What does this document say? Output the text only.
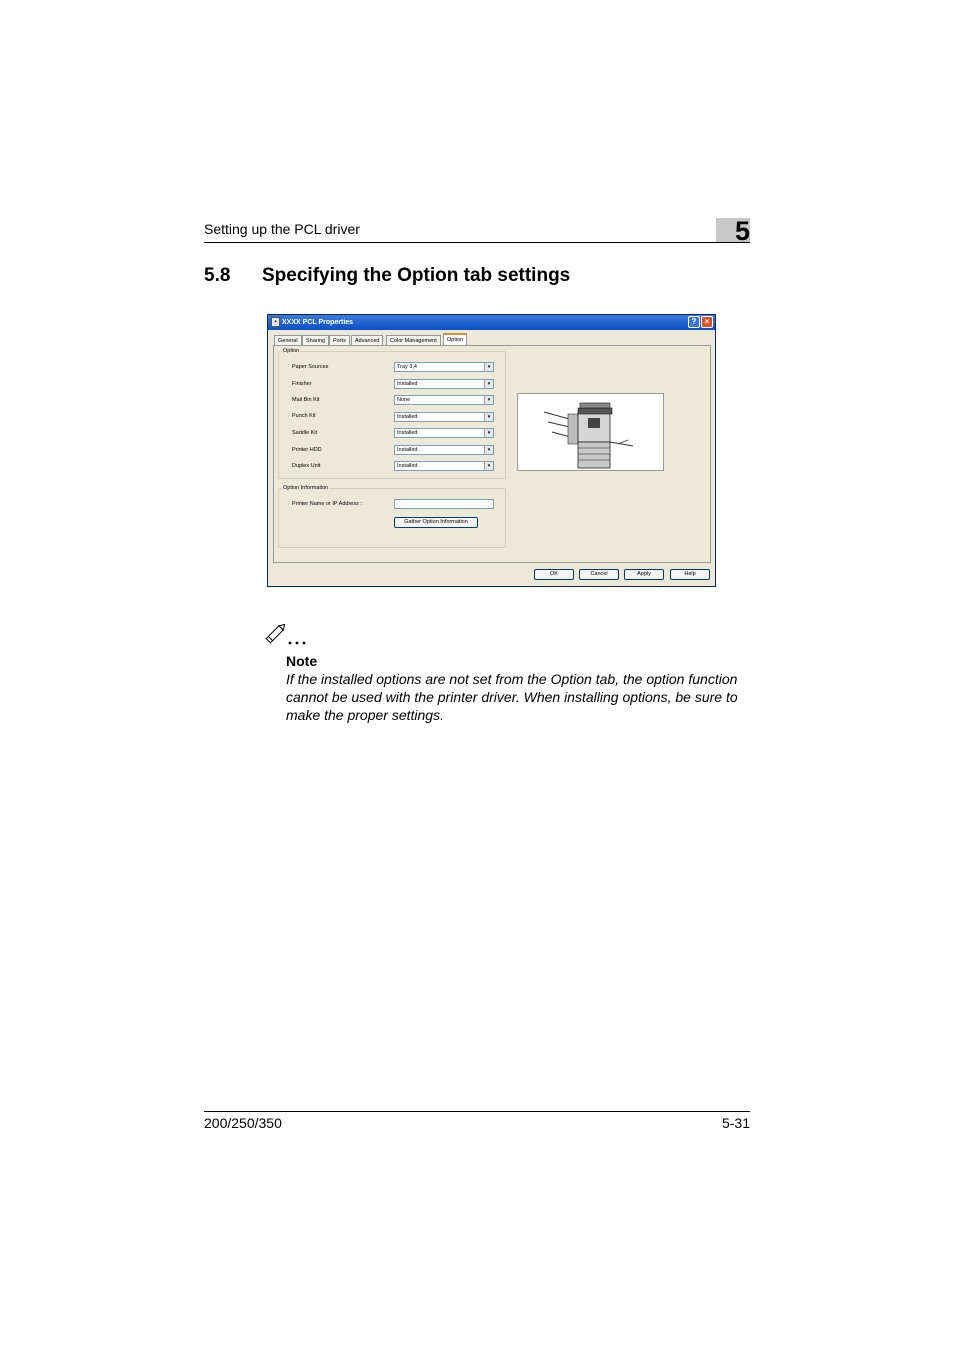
Setting up the PCL driver	5
5.8 Specifying the Option tab settings
▪ XXXX PCL Properties	?	×
General	Sharing	Ports	Advanced	Color Management	Option
Option
Paper Sources	Tray 3,4	▾
Finisher	Installed	▾
Mail Bin Kit	None	▾
Punch Kit	Installed	▾
Saddle Kit	Installed	▾
Printer HDD	Installed	▾
Duplex Unit	Installed	▾
Option Information
Printer Name or IP Address :
Gather Option Information
OK	Cancel	Apply	Help
Note
If the installed options are not set from the Option tab, the option function cannot be used with the printer driver. When installing options, be sure to make the proper settings.
200/250/350	5-31
